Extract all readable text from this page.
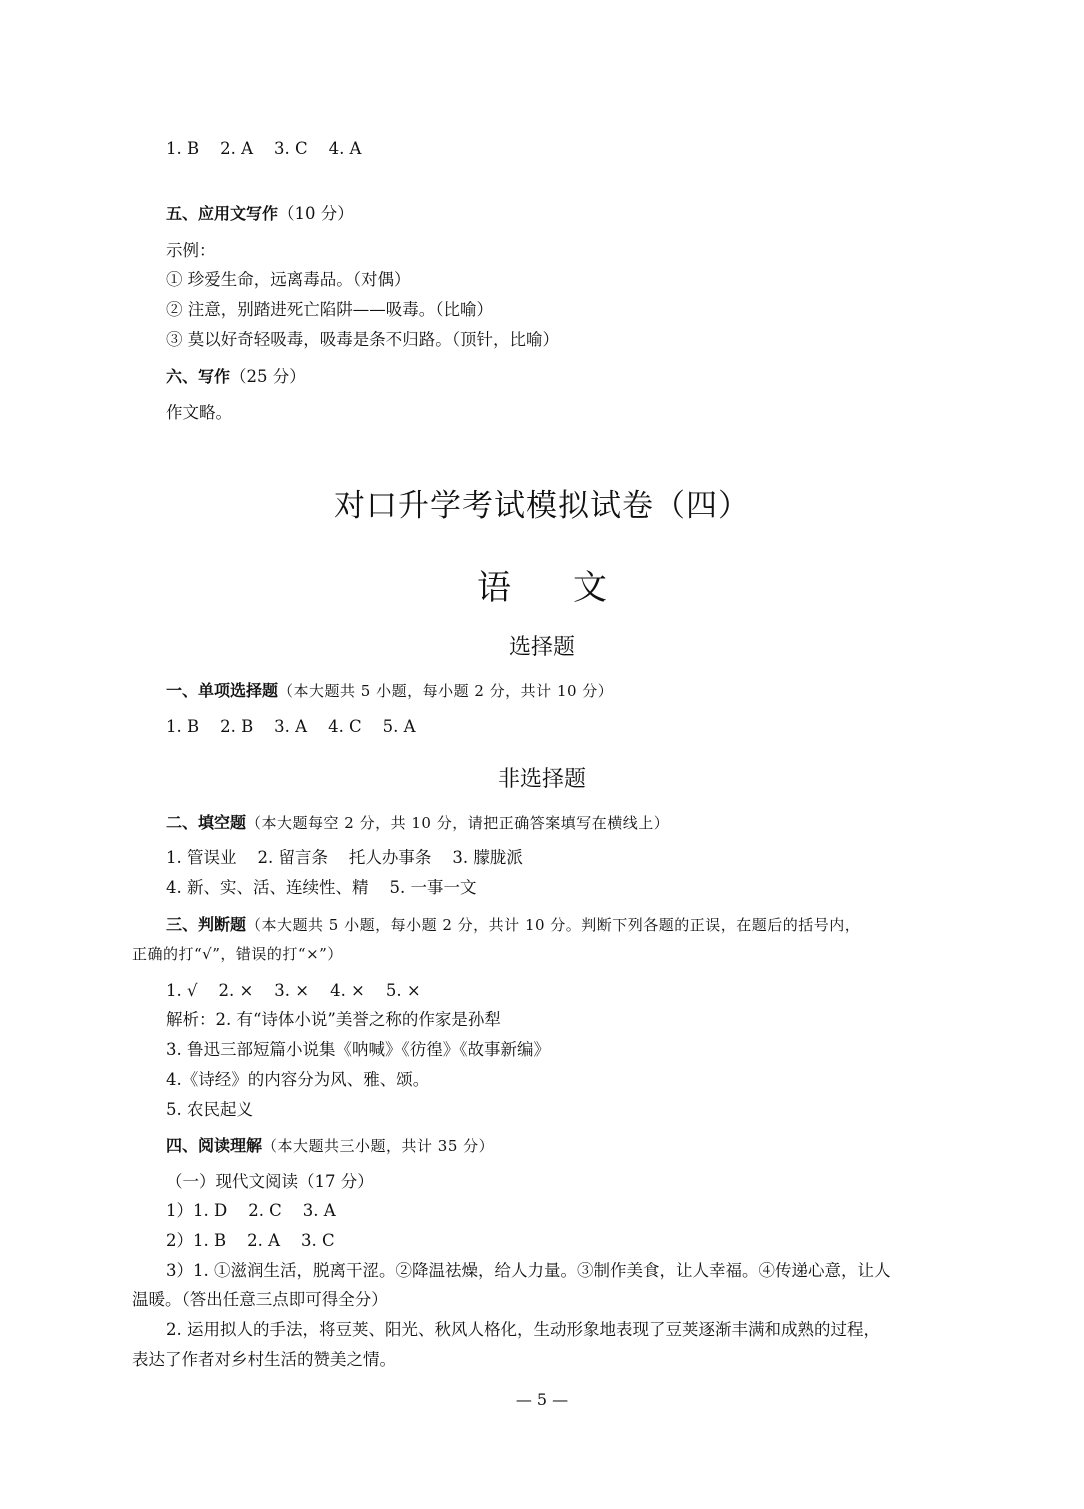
1. B    2. A    3. C    4. A
五、应用文写作（10 分）
示例：
① 珍爱生命，远离毒品。（对偶）
② 注意，别踏进死亡陷阱——吸毒。（比喻）
③ 莫以好奇轻吸毒，吸毒是条不归路。（顶针，比喻）
六、写作（25 分）
作文略。
对口升学考试模拟试卷（四）
语文
选择题
一、单项选择题（本大题共 5 小题，每小题 2 分，共计 10 分）
1. B    2. B    3. A    4. C    5. A
非选择题
二、填空题（本大题每空 2 分，共 10 分，请把正确答案填写在横线上）
1. 管误业    2. 留言条    托人办事条    3. 朦胧派
4. 新、实、活、连续性、精    5. 一事一文
三、判断题（本大题共 5 小题，每小题 2 分，共计 10 分。判断下列各题的正误，在题后的括号内，
正确的打“√”，错误的打“×”）
1. √    2. ×    3. ×    4. ×    5. ×
解析：2. 有“诗体小说”美誉之称的作家是孙犁
3. 鲁迅三部短篇小说集《呐喊》《彷徨》《故事新编》
4.《诗经》的内容分为风、雅、颂。
5. 农民起义
四、阅读理解（本大题共三小题，共计 35 分）
（一）现代文阅读（17 分）
1）1. D    2. C    3. A
2）1. B    2. A    3. C
3）1. ①滋润生活，脱离干涩。②降温祛燥，给人力量。③制作美食，让人幸福。④传递心意，让人
温暖。（答出任意三点即可得全分）
2. 运用拟人的手法，将豆荚、阳光、秋风人格化，生动形象地表现了豆荚逐渐丰满和成熟的过程，
表达了作者对乡村生活的赞美之情。
— 5 —
